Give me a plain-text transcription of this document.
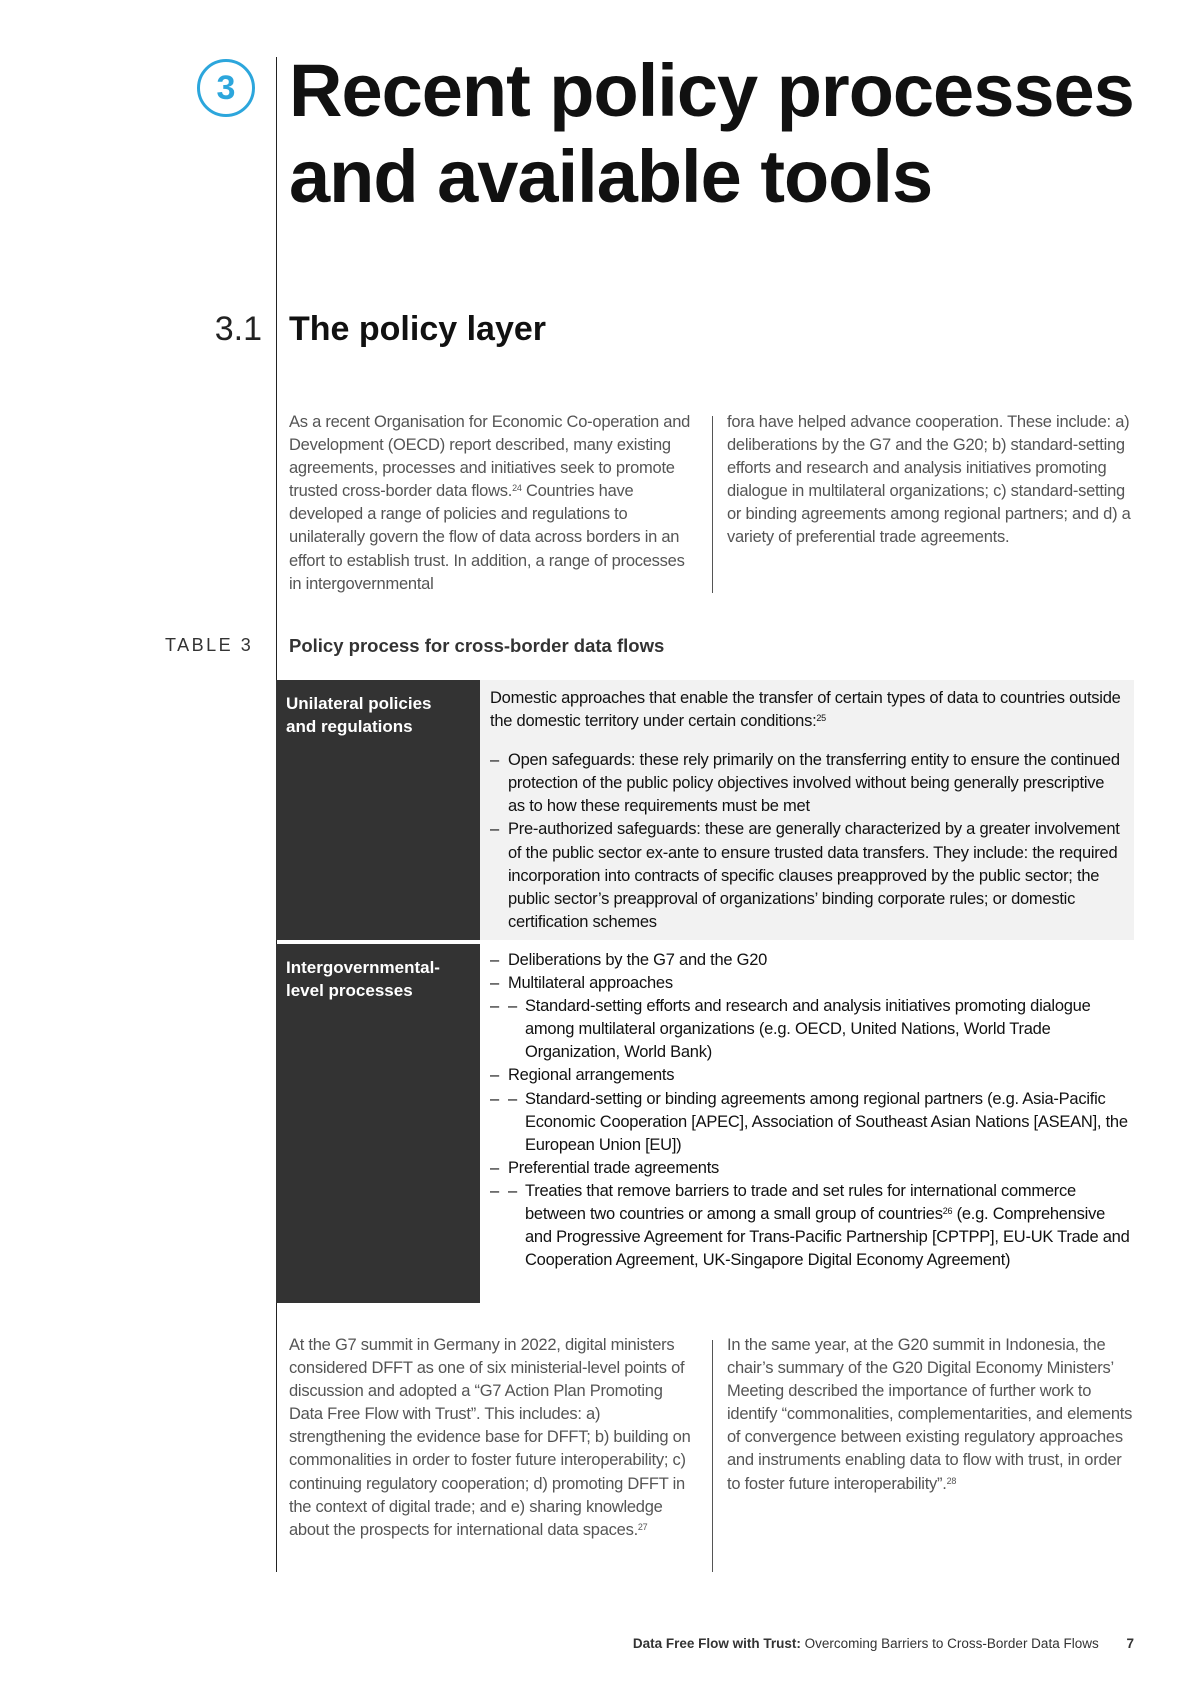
3 Recent policy processes
and available tools
3.1 The policy layer

As a recent Organisation for Economic Co-operation and Development (OECD) report described, many existing agreements, processes and initiatives seek to promote trusted cross-border data flows.$^{24}$ Countries have developed a range of policies and regulations to unilaterally govern the flow of data across borders in an effort to establish trust. In addition, a range of processes in intergovernmental

fora have helped advance cooperation. These include: a) deliberations by the G7 and the G20; b) standard-setting efforts and research and analysis initiatives promoting dialogue in multilateral organizations; c) standard-setting or binding agreements among regional partners; and d) a variety of preferential trade agreements.

TABLE 3 Policy process for cross-border data flows

Unilateral policies and regulations

Domestic approaches that enable the transfer of certain types of data to countries outside the domestic territory under certain conditions:$^{25}$
– Open safeguards: these rely primarily on the transferring entity to ensure the continued protection of the public policy objectives involved without being generally prescriptive as to how these requirements must be met
– Pre-authorized safeguards: these are generally characterized by a greater involvement of the public sector ex-ante to ensure trusted data transfers. They include: the required incorporation into contracts of specific clauses preapproved by the public sector; the public sector’s preapproval of organizations’ binding corporate rules; or domestic certification schemes

Intergovernmental-level processes

– Deliberations by the G7 and the G20
– Multilateral approaches
– – Standard-setting efforts and research and analysis initiatives promoting dialogue among multilateral organizations (e.g. OECD, United Nations, World Trade Organization, World Bank)
– Regional arrangements
– – Standard-setting or binding agreements among regional partners (e.g. Asia-Pacific Economic Cooperation [APEC], Association of Southeast Asian Nations [ASEAN], the European Union [EU])
– Preferential trade agreements
– – Treaties that remove barriers to trade and set rules for international commerce between two countries or among a small group of countries$^{26}$ (e.g. Comprehensive and Progressive Agreement for Trans-Pacific Partnership [CPTPP], EU-UK Trade and Cooperation Agreement, UK-Singapore Digital Economy Agreement)

At the G7 summit in Germany in 2022, digital ministers considered DFFT as one of six ministerial-level points of discussion and adopted a “G7 Action Plan Promoting Data Free Flow with Trust”. This includes: a) strengthening the evidence base for DFFT; b) building on commonalities in order to foster future interoperability; c) continuing regulatory cooperation; d) promoting DFFT in the context of digital trade; and e) sharing knowledge about the prospects for international data spaces.$^{27}$

In the same year, at the G20 summit in Indonesia, the chair’s summary of the G20 Digital Economy Ministers’ Meeting described the importance of further work to identify “commonalities, complementarities, and elements of convergence between existing regulatory approaches and instruments enabling data to flow with trust, in order to foster future interoperability”.$^{28}$

Data Free Flow with Trust: Overcoming Barriers to Cross-Border Data Flows 7
